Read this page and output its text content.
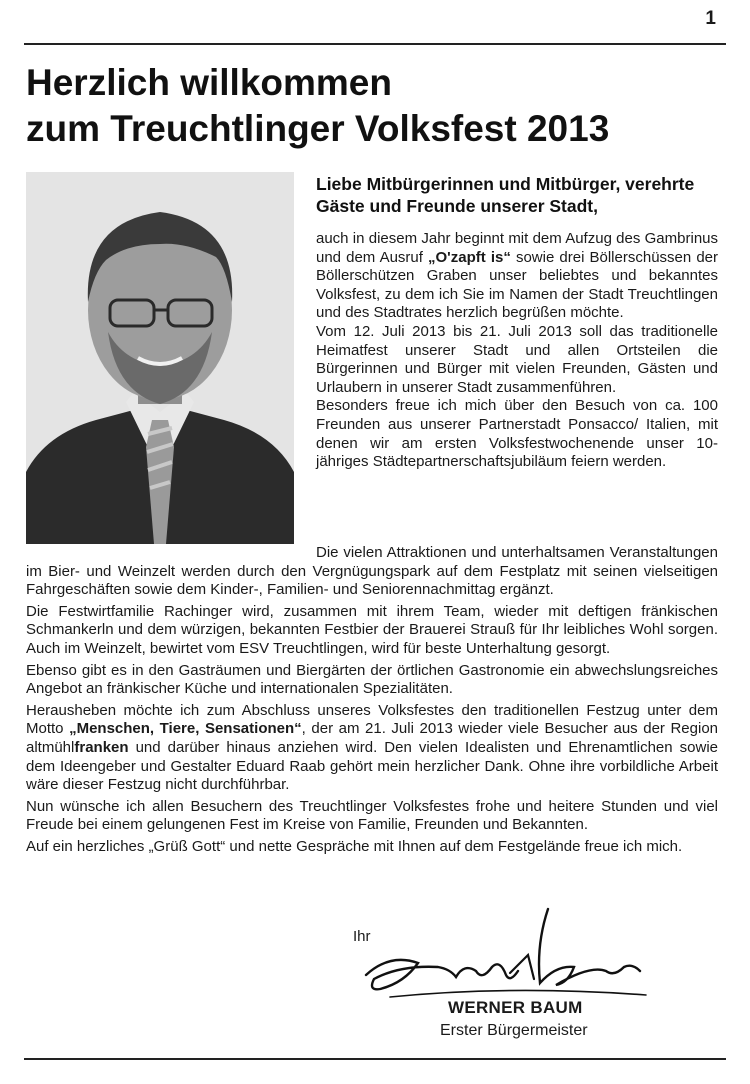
1
Herzlich willkommen
zum Treuchtlinger Volksfest 2013
Liebe Mitbürgerinnen und Mitbürger, verehrte Gäste und Freunde unserer Stadt,

auch in diesem Jahr beginnt mit dem Aufzug des Gambrinus und dem Ausruf „O'zapft is“ sowie drei Böllerschüssen der Böllerschützen Graben unser beliebtes und bekanntes Volksfest, zu dem ich Sie im Namen der Stadt Treuchtlingen und des Stadtrates herzlich begrüßen möchte.

Vom 12. Juli 2013 bis 21. Juli 2013 soll das traditionelle Heimatfest unserer Stadt und allen Ortsteilen die Bürgerinnen und Bürger mit vielen Freunden, Gästen und Urlaubern in unserer Stadt zusammenführen.

Besonders freue ich mich über den Besuch von ca. 100 Freunden aus unserer Partnerstadt Ponsacco/ Italien, mit denen wir am ersten Volksfestwochenende unser 10-jähriges Städtepartnerschaftsjubiläum feiern werden.

Die vielen Attraktionen und unterhaltsamen Veranstaltungen im Bier- und Weinzelt werden durch den Vergnügungspark auf dem Festplatz mit seinen vielseitigen Fahrgeschäften sowie dem Kinder-, Familien- und Seniorennachmittag ergänzt.

Die Festwirtfamilie Rachinger wird, zusammen mit ihrem Team, wieder mit deftigen fränkischen Schmankerln und dem würzigen, bekannten Festbier der Brauerei Strauß für Ihr leibliches Wohl sorgen. Auch im Weinzelt, bewirtet vom ESV Treuchtlingen, wird für beste Unterhaltung gesorgt.

Ebenso gibt es in den Gasträumen und Biergärten der örtlichen Gastronomie ein abwechslungsreiches Angebot an fränkischer Küche und internationalen Spezialitäten.

Herausheben möchte ich zum Abschluss unseres Volksfestes den traditionellen Festzug unter dem Motto „Menschen, Tiere, Sensationen“, der am 21. Juli 2013 wieder viele Besucher aus der Region altmühlfranken und darüber hinaus anziehen wird. Den vielen Idealisten und Ehrenamtlichen sowie dem Ideengeber und Gestalter Eduard Raab gehört mein herzlicher Dank. Ohne ihre vorbildliche Arbeit wäre dieser Festzug nicht durchführbar.

Nun wünsche ich allen Besuchern des Treuchtlinger Volksfestes frohe und heitere Stunden und viel Freude bei einem gelungenen Fest im Kreise von Familie, Freunden und Bekannten.

Auf ein herzliches „Grüß Gott“ und nette Gespräche mit Ihnen auf dem Festgelände freue ich mich.

Ihr
WERNER BAUM
Erster Bürgermeister
